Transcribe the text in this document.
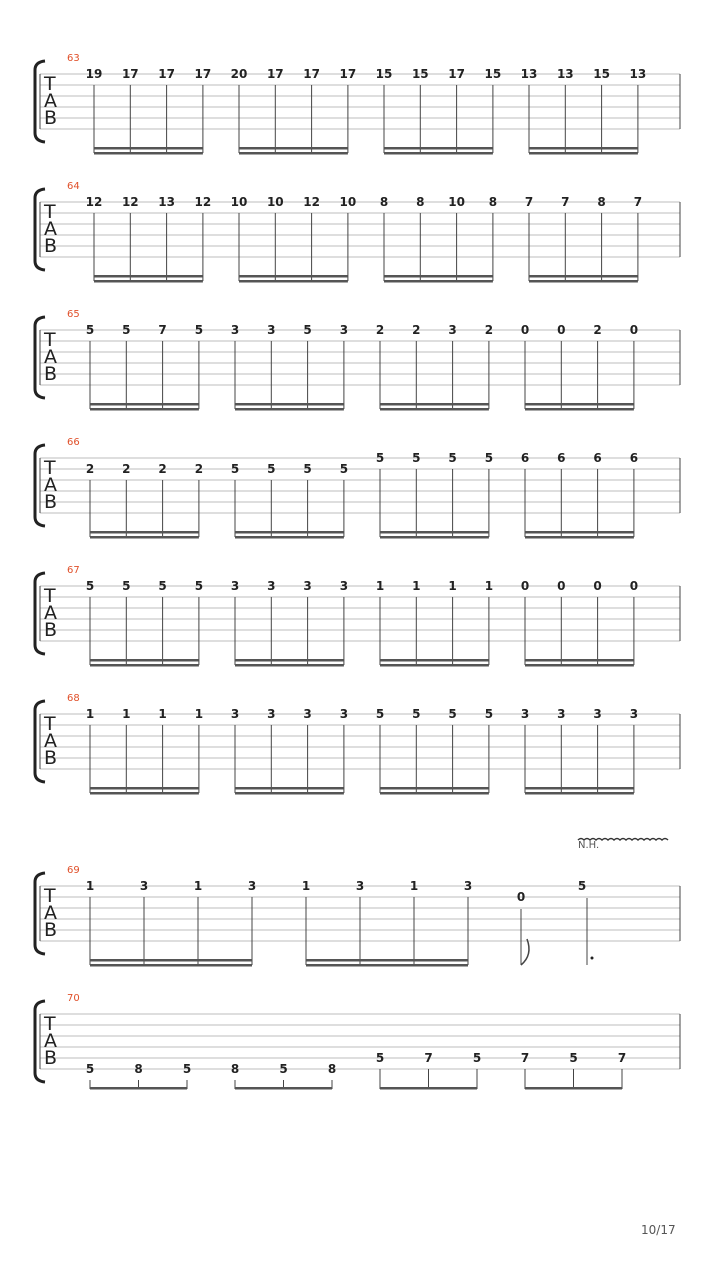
T
A
B
63
19 17 17 17 20 17 17 17 15 15 17 15 13 13 15 13
T
A
B
64
12 12 13 12 10 10 12 10 8 8 10 8 7 7 8 7
T
A
B
65
5 5 7 5 3 3 5 3 2 2 3 2 0 0 2 0
T
A
B
66
2 2 2 2 5 5 5 5
5 5 5 5 6 6 6 6
T
A
B
67
5 5 5 5 3 3 3 3 1 1 1 1 0 0 0 0
T
A
B
68
1 1 1 1 3 3 3 3 5 5 5 5 3 3 3 3
T
A
B
69
1	3	1	3	1	3	1	3
N.H.
0
5
T
A
B
70
5	8	5	8	5	8
5	7	5	7	5	7
10/17
